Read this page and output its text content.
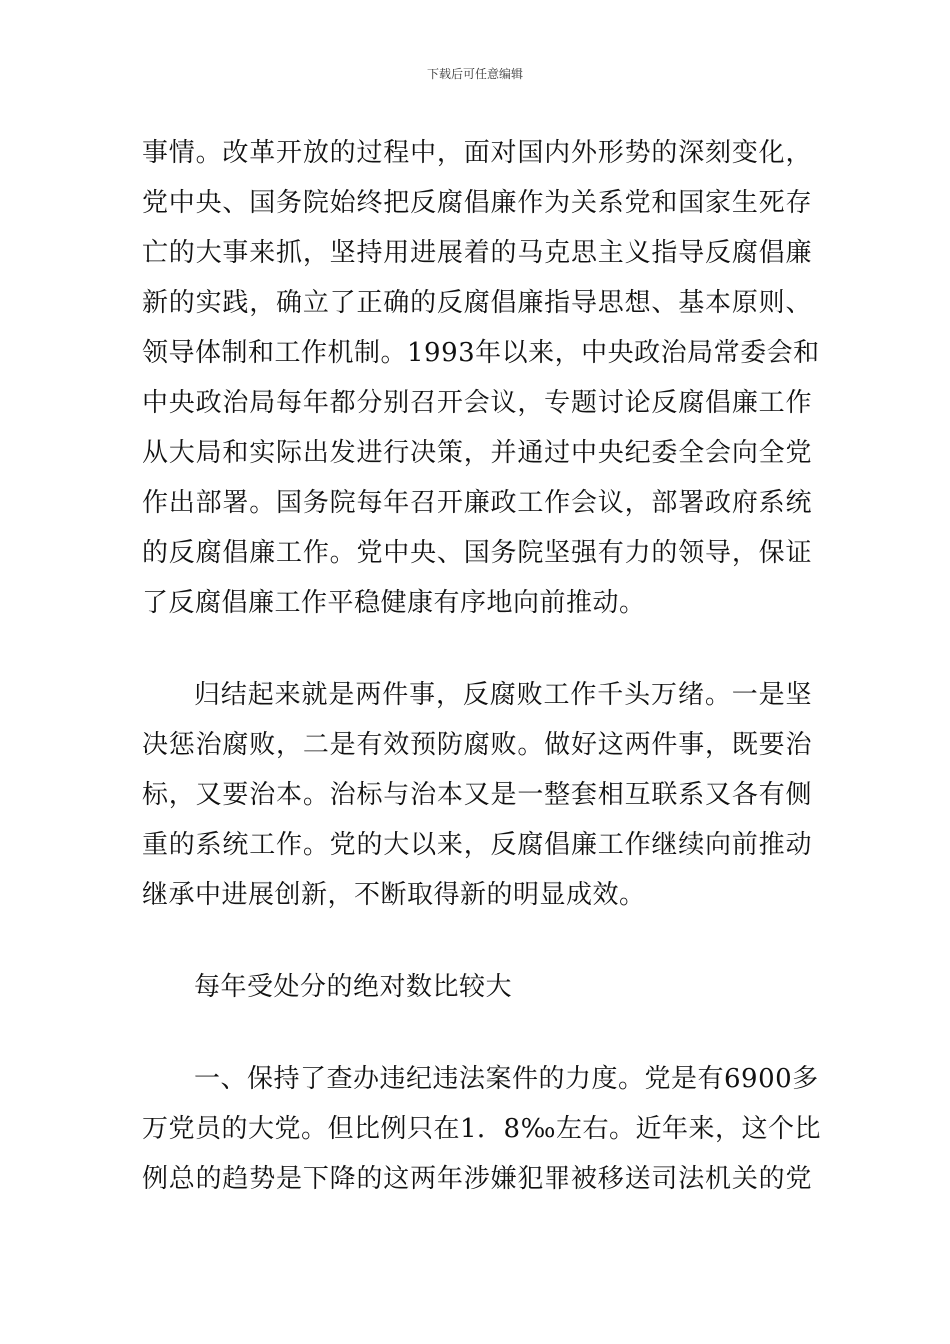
下载后可任意编辑
事情。改革开放的过程中，面对国内外形势的深刻变化，
党中央、国务院始终把反腐倡廉作为关系党和国家生死存
亡的大事来抓，坚持用进展着的马克思主义指导反腐倡廉
新的实践，确立了正确的反腐倡廉指导思想、基本原则、
领导体制和工作机制。1993年以来，中央政治局常委会和
中央政治局每年都分别召开会议，专题讨论反腐倡廉工作
从大局和实际出发进行决策，并通过中央纪委全会向全党
作出部署。国务院每年召开廉政工作会议，部署政府系统
的反腐倡廉工作。党中央、国务院坚强有力的领导，保证
了反腐倡廉工作平稳健康有序地向前推动。
归结起来就是两件事，反腐败工作千头万绪。一是坚
决惩治腐败，二是有效预防腐败。做好这两件事，既要治
标，又要治本。治标与治本又是一整套相互联系又各有侧
重的系统工作。党的大以来，反腐倡廉工作继续向前推动
继承中进展创新，不断取得新的明显成效。
每年受处分的绝对数比较大
一、保持了查办违纪违法案件的力度。党是有6900多
万党员的大党。但比例只在1．8‰左右。近年来，这个比
例总的趋势是下降的这两年涉嫌犯罪被移送司法机关的党
